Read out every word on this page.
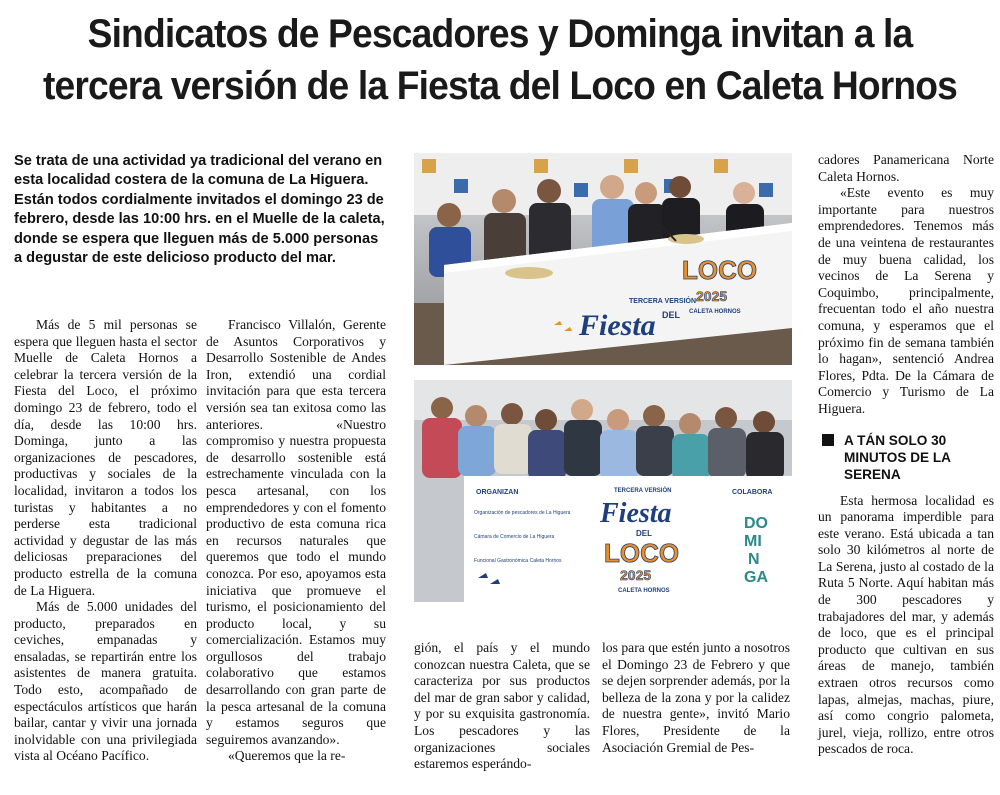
Sindicatos de Pescadores y Dominga invitan a la
tercera versión de la Fiesta del Loco en Caleta Hornos
Se trata de una actividad ya tradicional del verano en esta localidad costera de la comuna de La Higuera. Están todos cordialmente invitados el domingo 23 de febrero, desde las 10:00 hrs. en el Muelle de la caleta, donde se espera que lleguen más de 5.000 personas a degustar de este delicioso producto del mar.

Más de 5 mil personas se espera que lleguen hasta el sector Muelle de Caleta Hornos a celebrar la tercera versión de la Fiesta del Loco, el próximo domingo 23 de febrero, todo el día, desde las 10:00 hrs. Dominga, junto a las organizaciones de pescadores, productivas y sociales de la localidad, invitaron a todos los turistas y habitantes a no perderse esta tradicional actividad y degustar de las más deliciosas preparaciones del producto estrella de la comuna de La Higuera.

Más de 5.000 unidades del producto, preparados en ceviches, empanadas y ensaladas, se repartirán entre los asistentes de manera gratuita. Todo esto, acompañado de espectáculos artísticos que harán bailar, cantar y vivir una jornada inolvidable con una privilegiada vista al Océano Pacífico.

Francisco Villalón, Gerente de Asuntos Corporativos y Desarrollo Sostenible de Andes Iron, extendió una cordial invitación para que esta tercera versión sea tan exitosa como las anteriores. «Nuestro compromiso y nuestra propuesta de desarrollo sostenible está estrechamente vinculada con la pesca artesanal, con los emprendedores y con el fomento productivo de esta comuna rica en recursos naturales que queremos que todo el mundo conozca. Por eso, apoyamos esta iniciativa que promueve el turismo, el posicionamiento del producto local, y su comercialización. Estamos muy orgullosos del trabajo colaborativo que estamos desarrollando con gran parte de la pesca artesanal de la comuna y estamos seguros que seguiremos avanzando».

«Queremos que la re-

gión, el país y el mundo conozcan nuestra Caleta, que se caracteriza por sus productos del mar de gran sabor y calidad, y por su exquisita gastronomía. Los pescadores y las organizaciones sociales estaremos esperándo-

los para que estén junto a nosotros el Domingo 23 de Febrero y que se dejen sorprender además, por la belleza de la zona y por la calidez de nuestra gente», invitó Mario Flores, Presidente de la Asociación Gremial de Pes-

cadores Panamericana Norte Caleta Hornos.

«Este evento es muy importante para nuestros emprendedores. Tenemos más de una veintena de restaurantes de muy buena calidad, los vecinos de La Serena y Coquimbo, principalmente, frecuentan todo el año nuestra comuna, y esperamos que el próximo fin de semana también lo hagan», sentenció Andrea Flores, Pdta. De la Cámara de Comercio y Turismo de La Higuera.

A TÁN SOLO 30 MINUTOS DE LA SERENA

Esta hermosa localidad es un panorama imperdible para este verano. Está ubicada a tan solo 30 kilómetros al norte de La Serena, justo al costado de la Ruta 5 Norte. Aquí habitan más de 300 pescadores y trabajadores del mar, y además de loco, que es el principal producto que cultivan en sus áreas de manejo, también extraen otros recursos como lapas, almejas, machas, piure, así como congrio palometa, jurel, vieja, rollizo, entre otros pescados de roca.

TERCERA VERSIÓN
Fiesta DEL
LOCO
2025
CALETA HORNOS
ORGANIZAN
Organización de pescadores de La Higuera
Cámara de Comercio de La Higuera
Funcional Gastronómica Caleta Hornos
TERCERA VERSIÓN
Fiesta
DEL
LOCO
2025
CALETA HORNOS
COLABORA
DO
MI
N
GA
